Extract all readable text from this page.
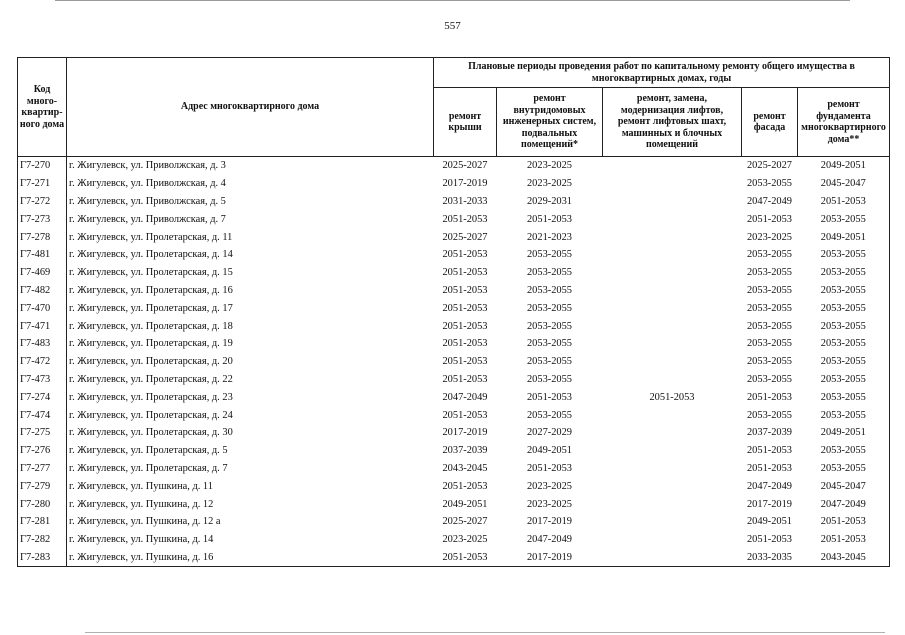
557
Код много-квартир-ного дома	Адрес многоквартирного дома	Плановые периоды проведения работ по капитальному ремонту общего имущества в многоквартирных домах, годы				
		ремонт крыши	ремонт внутридомовых инженерных систем, подвальных помещений*	ремонт, замена, модернизация лифтов, ремонт лифтовых шахт, машинных и блочных помещений	ремонт фасада	ремонт фундамента многоквартирного дома**
Г7-270	г. Жигулевск, ул. Приволжская, д. 3	2025-2027	2023-2025		2025-2027	2049-2051
Г7-271	г. Жигулевск, ул. Приволжская, д. 4	2017-2019	2023-2025		2053-2055	2045-2047
Г7-272	г. Жигулевск, ул. Приволжская, д. 5	2031-2033	2029-2031		2047-2049	2051-2053
Г7-273	г. Жигулевск, ул. Приволжская, д. 7	2051-2053	2051-2053		2051-2053	2053-2055
Г7-278	г. Жигулевск, ул. Пролетарская, д. 11	2025-2027	2021-2023		2023-2025	2049-2051
Г7-481	г. Жигулевск, ул. Пролетарская, д. 14	2051-2053	2053-2055		2053-2055	2053-2055
Г7-469	г. Жигулевск, ул. Пролетарская, д. 15	2051-2053	2053-2055		2053-2055	2053-2055
Г7-482	г. Жигулевск, ул. Пролетарская, д. 16	2051-2053	2053-2055		2053-2055	2053-2055
Г7-470	г. Жигулевск, ул. Пролетарская, д. 17	2051-2053	2053-2055		2053-2055	2053-2055
Г7-471	г. Жигулевск, ул. Пролетарская, д. 18	2051-2053	2053-2055		2053-2055	2053-2055
Г7-483	г. Жигулевск, ул. Пролетарская, д. 19	2051-2053	2053-2055		2053-2055	2053-2055
Г7-472	г. Жигулевск, ул. Пролетарская, д. 20	2051-2053	2053-2055		2053-2055	2053-2055
Г7-473	г. Жигулевск, ул. Пролетарская, д. 22	2051-2053	2053-2055		2053-2055	2053-2055
Г7-274	г. Жигулевск, ул. Пролетарская, д. 23	2047-2049	2051-2053	2051-2053	2051-2053	2053-2055
Г7-474	г. Жигулевск, ул. Пролетарская, д. 24	2051-2053	2053-2055		2053-2055	2053-2055
Г7-275	г. Жигулевск, ул. Пролетарская, д. 30	2017-2019	2027-2029		2037-2039	2049-2051
Г7-276	г. Жигулевск, ул. Пролетарская, д. 5	2037-2039	2049-2051		2051-2053	2053-2055
Г7-277	г. Жигулевск, ул. Пролетарская, д. 7	2043-2045	2051-2053		2051-2053	2053-2055
Г7-279	г. Жигулевск, ул. Пушкина, д. 11	2051-2053	2023-2025		2047-2049	2045-2047
Г7-280	г. Жигулевск, ул. Пушкина, д. 12	2049-2051	2023-2025		2017-2019	2047-2049
Г7-281	г. Жигулевск, ул. Пушкина, д. 12 а	2025-2027	2017-2019		2049-2051	2051-2053
Г7-282	г. Жигулевск, ул. Пушкина, д. 14	2023-2025	2047-2049		2051-2053	2051-2053
Г7-283	г. Жигулевск, ул. Пушкина, д. 16	2051-2053	2017-2019		2033-2035	2043-2045
